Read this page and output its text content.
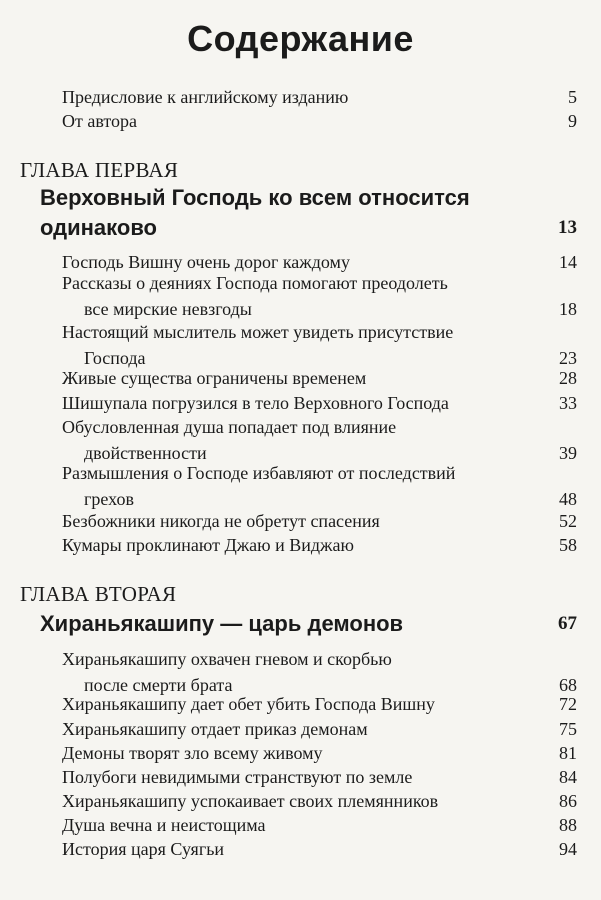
Содержание
Предисловие к английскому изданию	5
От автора	9
ГЛАВА ПЕРВАЯ
Верховный Господь ко всем относится
одинаково	13
Господь Вишну очень дорог каждому	14
Рассказы о деяниях Господа помогают преодолеть
все мирские невзгоды	18
Настоящий мыслитель может увидеть присутствие
Господа	23
Живые существа ограничены временем	28
Шишупала погрузился в тело Верховного Господа	33
Обусловленная душа попадает под влияние
двойственности	39
Размышления о Господе избавляют от последствий
грехов	48
Безбожники никогда не обретут спасения	52
Кумары проклинают Джаю и Виджаю	58
ГЛАВА ВТОРАЯ
Хираньякашипу — царь демонов	67
Хираньякашипу охвачен гневом и скорбью
после смерти брата	68
Хираньякашипу дает обет убить Господа Вишну	72
Хираньякашипу отдает приказ демонам	75
Демоны творят зло всему живому	81
Полубоги невидимыми странствуют по земле	84
Хираньякашипу успокаивает своих племянников	86
Душа вечна и неистощима	88
История царя Суягьи	94
